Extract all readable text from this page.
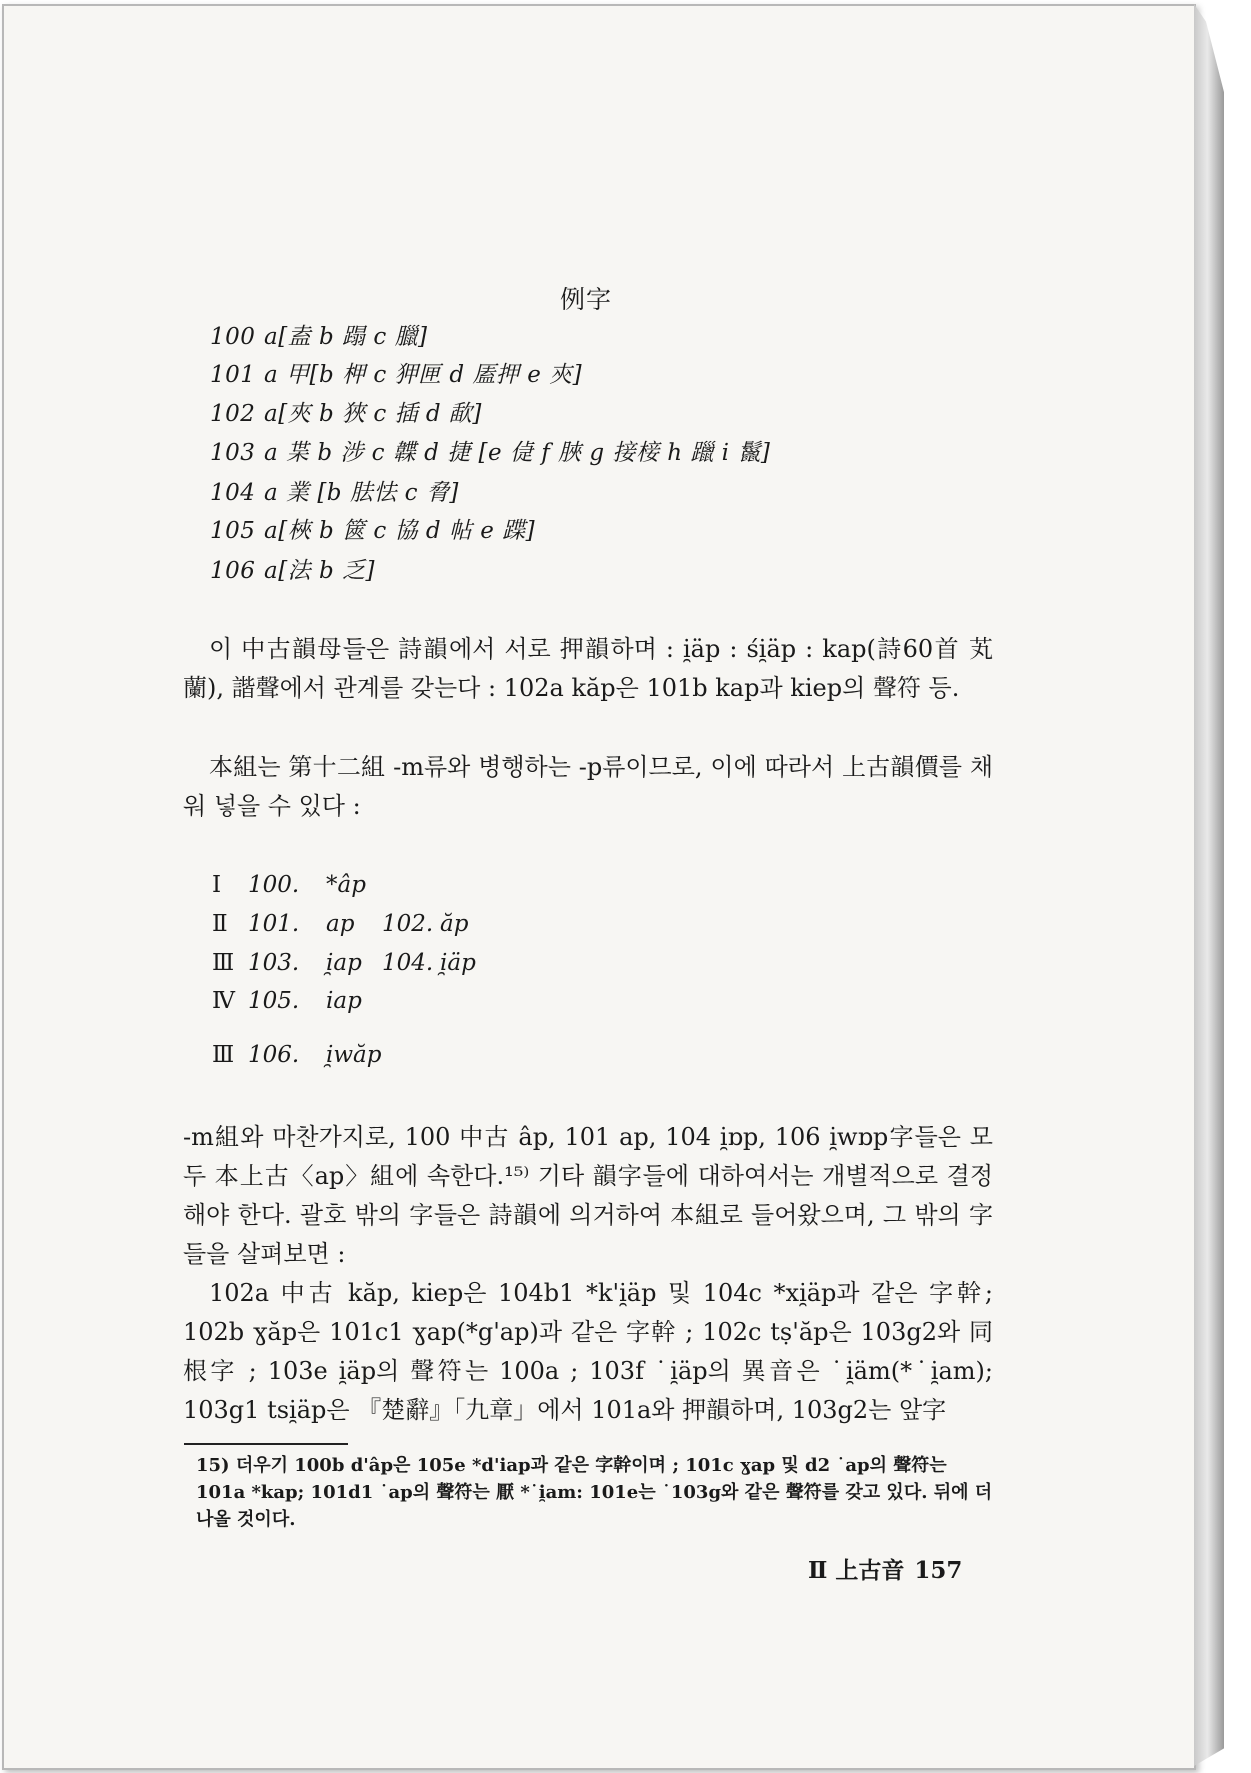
例字
100 a[盍 b 蹋 c 臘]
101 a 甲[b 柙 c 狎匣 d 㕎押 e 㚒]
102 a[夾 b 狹 c 插 d 歃]
103 a 枼 b 涉 c 韘 d 捷 [e 偼 f 脥 g 接椄 h 躐 i 鬣]
104 a 業 [b 胠怯 c 脅]
105 a[梜 b 篋 c 協 d 帖 e 蹀]
106 a[法 b 乏]

이 中古韻母들은 詩韻에서 서로 押韻하며 : i̯äp : śi̯äp : kap(詩60首 芄蘭), 諧聲에서 관계를 갖는다 : 102a kăp은 101b kap과 kiep의 聲符 등.

本組는 第十二組 -m류와 병행하는 -p류이므로, 이에 따라서 上古韻價를 채워 넣을 수 있다 :

Ⅰ 100. *âp
Ⅱ 101. ap 102. ăp
Ⅲ 103. i̯ap 104. i̯äp
Ⅳ 105. iap
Ⅲ 106. i̯wăp

-m組와 마찬가지로, 100 中古 âp, 101 ap, 104 i̯ɒp, 106 i̯wɒp字들은 모두 本上古〈ap〉組에 속한다.¹⁵⁾ 기타 韻字들에 대하여서는 개별적으로 결정해야 한다. 괄호 밖의 字들은 詩韻에 의거하여 本組로 들어왔으며, 그 밖의 字들을 살펴보면 :

102a 中古 kăp, kiep은 104b1 *k'i̯äp 및 104c *xi̯äp과 같은 字幹; 102b ɣăp은 101c1 ɣap(*g'ap)과 같은 字幹 ; 102c tṣ'ăp은 103g2와 同根字 ; 103e i̯äp의 聲符는 100a ; 103f ˙i̯äp의 異音은 ˙i̯äm(*˙i̯am); 103g1 tsi̯äp은 『楚辭』「九章」에서 101a와 押韻하며, 103g2는 앞字

15) 더우기 100b d'âp은 105e *d'iap과 같은 字幹이며 ; 101c ɣap 및 d2 ˙ap의 聲符는 101a *kap; 101d1 ˙ap의 聲符는 厭 *˙i̯am: 101e는 ˙103g와 같은 聲符를 갖고 있다. 뒤에 더 나올 것이다.
Ⅱ 上古音 157
